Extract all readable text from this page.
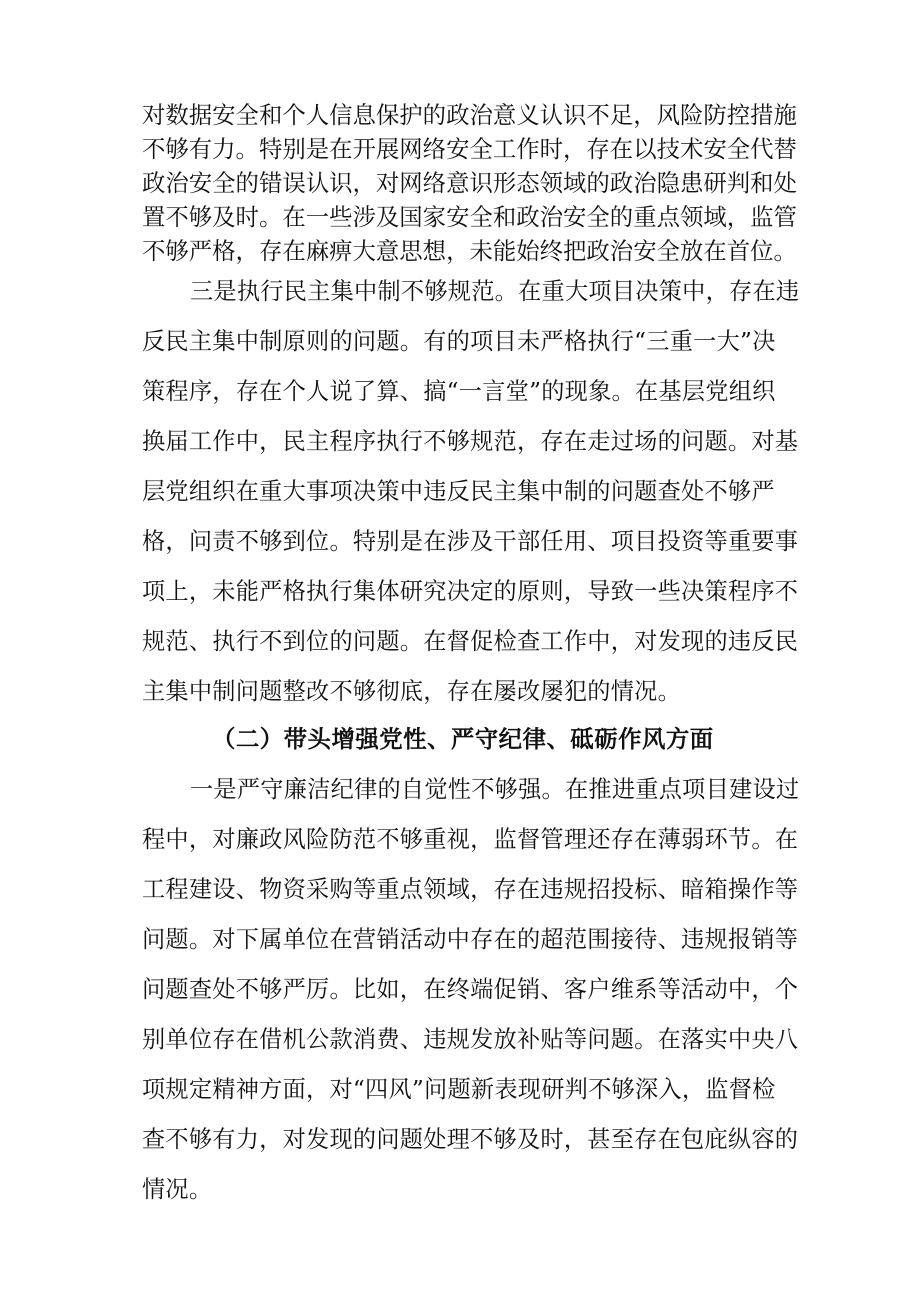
对数据安全和个人信息保护的政治意义认识不足，风险防控措施
不够有力。特别是在开展网络安全工作时，存在以技术安全代替
政治安全的错误认识，对网络意识形态领域的政治隐患研判和处
置不够及时。在一些涉及国家安全和政治安全的重点领域，监管
不够严格，存在麻痹大意思想，未能始终把政治安全放在首位。
三是执行民主集中制不够规范。在重大项目决策中，存在违
反民主集中制原则的问题。有的项目未严格执行“三重一大”决
策程序，存在个人说了算、搞“一言堂”的现象。在基层党组织
换届工作中，民主程序执行不够规范，存在走过场的问题。对基
层党组织在重大事项决策中违反民主集中制的问题查处不够严
格，问责不够到位。特别是在涉及干部任用、项目投资等重要事
项上，未能严格执行集体研究决定的原则，导致一些决策程序不
规范、执行不到位的问题。在督促检查工作中，对发现的违反民
主集中制问题整改不够彻底，存在屡改屡犯的情况。
（二）带头增强党性、严守纪律、砥砺作风方面
一是严守廉洁纪律的自觉性不够强。在推进重点项目建设过
程中，对廉政风险防范不够重视，监督管理还存在薄弱环节。在
工程建设、物资采购等重点领域，存在违规招投标、暗箱操作等
问题。对下属单位在营销活动中存在的超范围接待、违规报销等
问题查处不够严厉。比如，在终端促销、客户维系等活动中，个
别单位存在借机公款消费、违规发放补贴等问题。在落实中央八
项规定精神方面，对“四风”问题新表现研判不够深入，监督检
查不够有力，对发现的问题处理不够及时，甚至存在包庇纵容的
情况。
